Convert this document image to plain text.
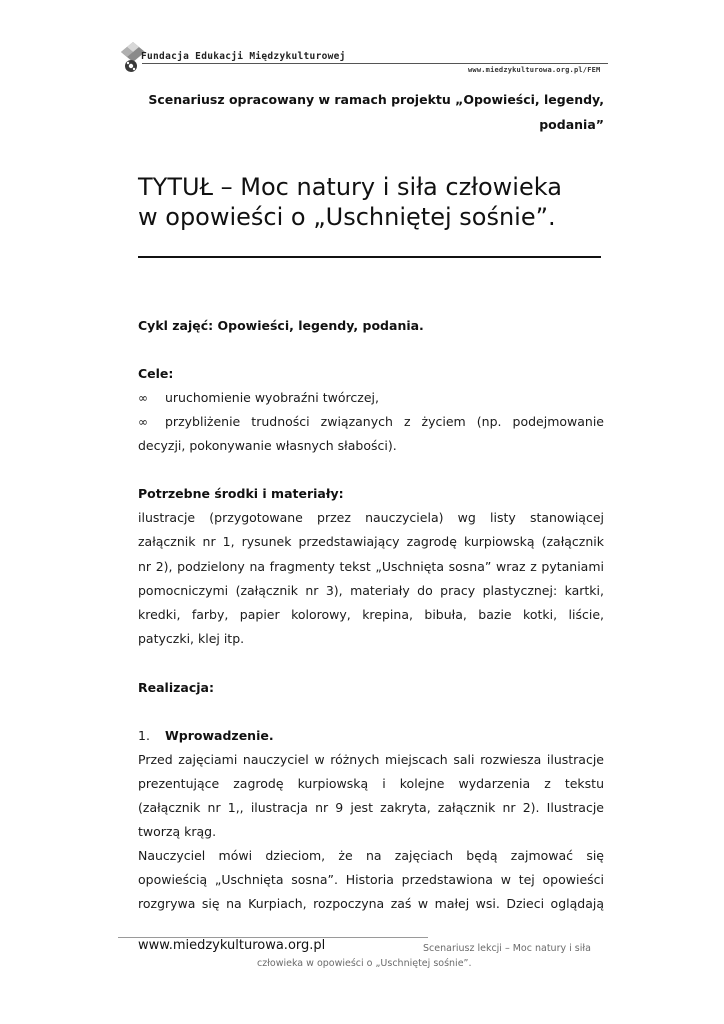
Fundacja Edukacji Międzykulturowej
www.miedzykulturowa.org.pl/FEM
Scenariusz opracowany w ramach projektu „Opowieści, legendy,
podania”
TYTUŁ – Moc natury i siła człowieka
w opowieści o „Uschniętej sośnie”.
Cykl zajęć: Opowieści, legendy, podania.
Cele:
∞ uruchomienie wyobraźni twórczej,
∞ przybliżenie trudności związanych z życiem (np. podejmowanie
decyzji, pokonywanie własnych słabości).
Potrzebne środki i materiały:
ilustracje (przygotowane przez nauczyciela) wg listy stanowiącej
załącznik nr 1, rysunek przedstawiający zagrodę kurpiowską (załącznik
nr 2), podzielony na fragmenty tekst „Uschnięta sosna” wraz z pytaniami
pomocniczymi (załącznik nr 3), materiały do pracy plastycznej: kartki,
kredki, farby, papier kolorowy, krepina, bibuła, bazie kotki, liście,
patyczki, klej itp.
Realizacja:
1. Wprowadzenie.
Przed zajęciami nauczyciel w różnych miejscach sali rozwiesza ilustracje
prezentujące zagrodę kurpiowską i kolejne wydarzenia z tekstu
(załącznik nr 1,, ilustracja nr 9 jest zakryta, załącznik nr 2). Ilustracje
tworzą krąg.
Nauczyciel mówi dzieciom, że na zajęciach będą zajmować się
opowieścią „Uschnięta sosna”. Historia przedstawiona w tej opowieści
rozgrywa się na Kurpiach, rozpoczyna zaś w małej wsi. Dzieci oglądają
www.miedzykulturowa.org.pl	Scenariusz lekcji – Moc natury i siła
człowieka w opowieści o „Uschniętej sośnie”.
